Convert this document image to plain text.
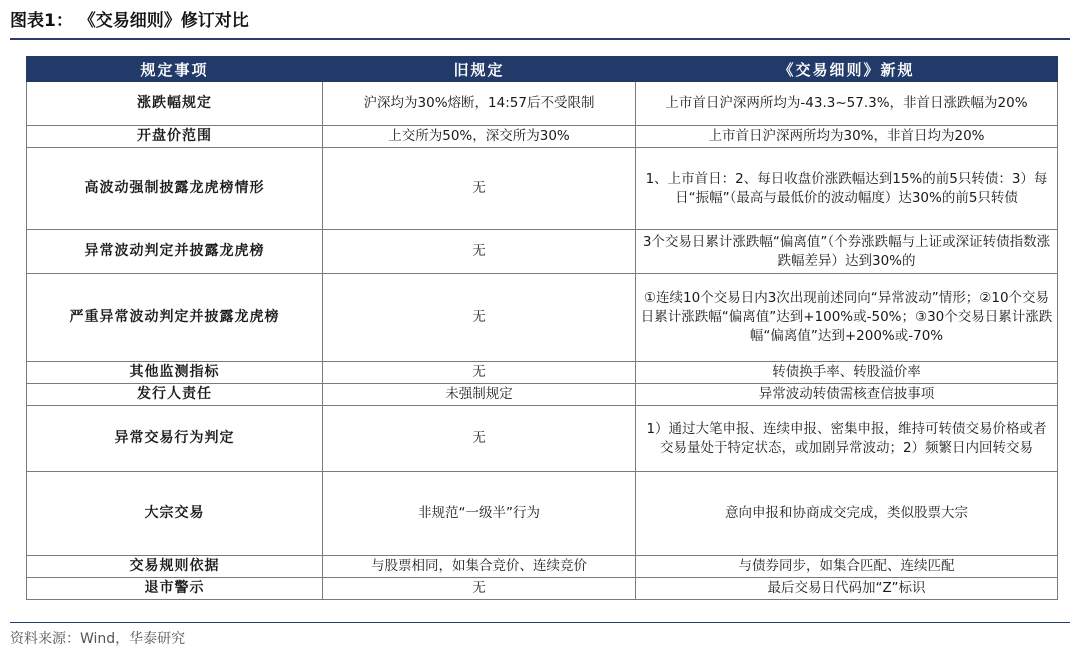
图表1： 《交易细则》修订对比
规定事项	旧规定	《交易细则》新规
涨跌幅规定	沪深均为30%熔断，14:57后不受限制	上市首日沪深两所均为-43.3~57.3%，非首日涨跌幅为20%
开盘价范围	上交所为50%，深交所为30%	上市首日沪深两所均为30%，非首日均为20%
高波动强制披露龙虎榜情形	无	1、上市首日：2、每日收盘价涨跌幅达到15%的前5只转债：3）每日“振幅”（最高与最低价的波动幅度）达30%的前5只转债
异常波动判定并披露龙虎榜	无	3个交易日累计涨跌幅“偏离值”（个券涨跌幅与上证或深证转债指数涨跌幅差异）达到30%的
严重异常波动判定并披露龙虎榜	无	①连续10个交易日内3次出现前述同向“异常波动”情形；②10个交易日累计涨跌幅“偏离值”达到+100%或-50%；③30个交易日累计涨跌幅“偏离值”达到+200%或-70%
其他监测指标	无	转债换手率、转股溢价率
发行人责任	未强制规定	异常波动转债需核查信披事项
异常交易行为判定	无	1）通过大笔申报、连续申报、密集申报，维持可转债交易价格或者交易量处于特定状态，或加剧异常波动；2）频繁日内回转交易
大宗交易	非规范“一级半”行为	意向申报和协商成交完成，类似股票大宗
交易规则依据	与股票相同，如集合竞价、连续竞价	与债券同步，如集合匹配、连续匹配
退市警示	无	最后交易日代码加“Z”标识
资料来源：Wind，华泰研究
